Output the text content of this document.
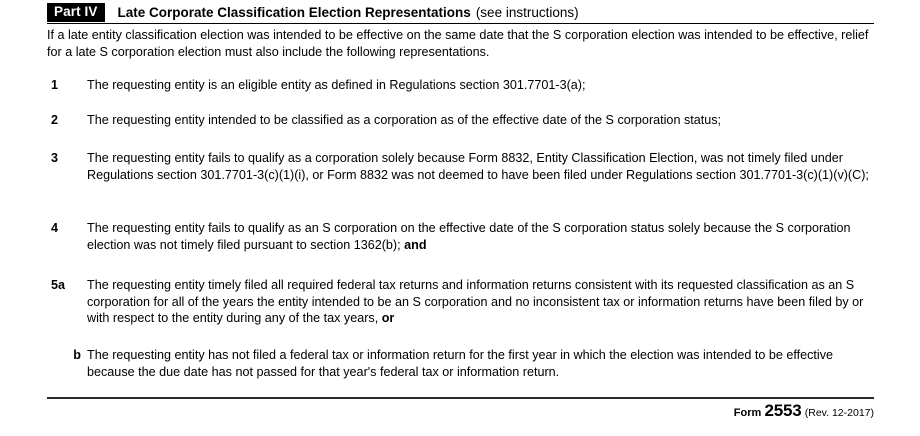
Part IV	Late Corporate Classification Election Representations (see instructions)
If a late entity classification election was intended to be effective on the same date that the S corporation election was intended to be effective, relief for a late S corporation election must also include the following representations.
1	The requesting entity is an eligible entity as defined in Regulations section 301.7701-3(a);
2	The requesting entity intended to be classified as a corporation as of the effective date of the S corporation status;
3	The requesting entity fails to qualify as a corporation solely because Form 8832, Entity Classification Election, was not timely filed under Regulations section 301.7701-3(c)(1)(i), or Form 8832 was not deemed to have been filed under Regulations section 301.7701-3(c)(1)(v)(C);
4	The requesting entity fails to qualify as an S corporation on the effective date of the S corporation status solely because the S corporation election was not timely filed pursuant to section 1362(b); and
5a	The requesting entity timely filed all required federal tax returns and information returns consistent with its requested classification as an S corporation for all of the years the entity intended to be an S corporation and no inconsistent tax or information returns have been filed by or with respect to the entity during any of the tax years, or
b The requesting entity has not filed a federal tax or information return for the first year in which the election was intended to be effective because the due date has not passed for that year's federal tax or information return.
Form 2553 (Rev. 12-2017)
